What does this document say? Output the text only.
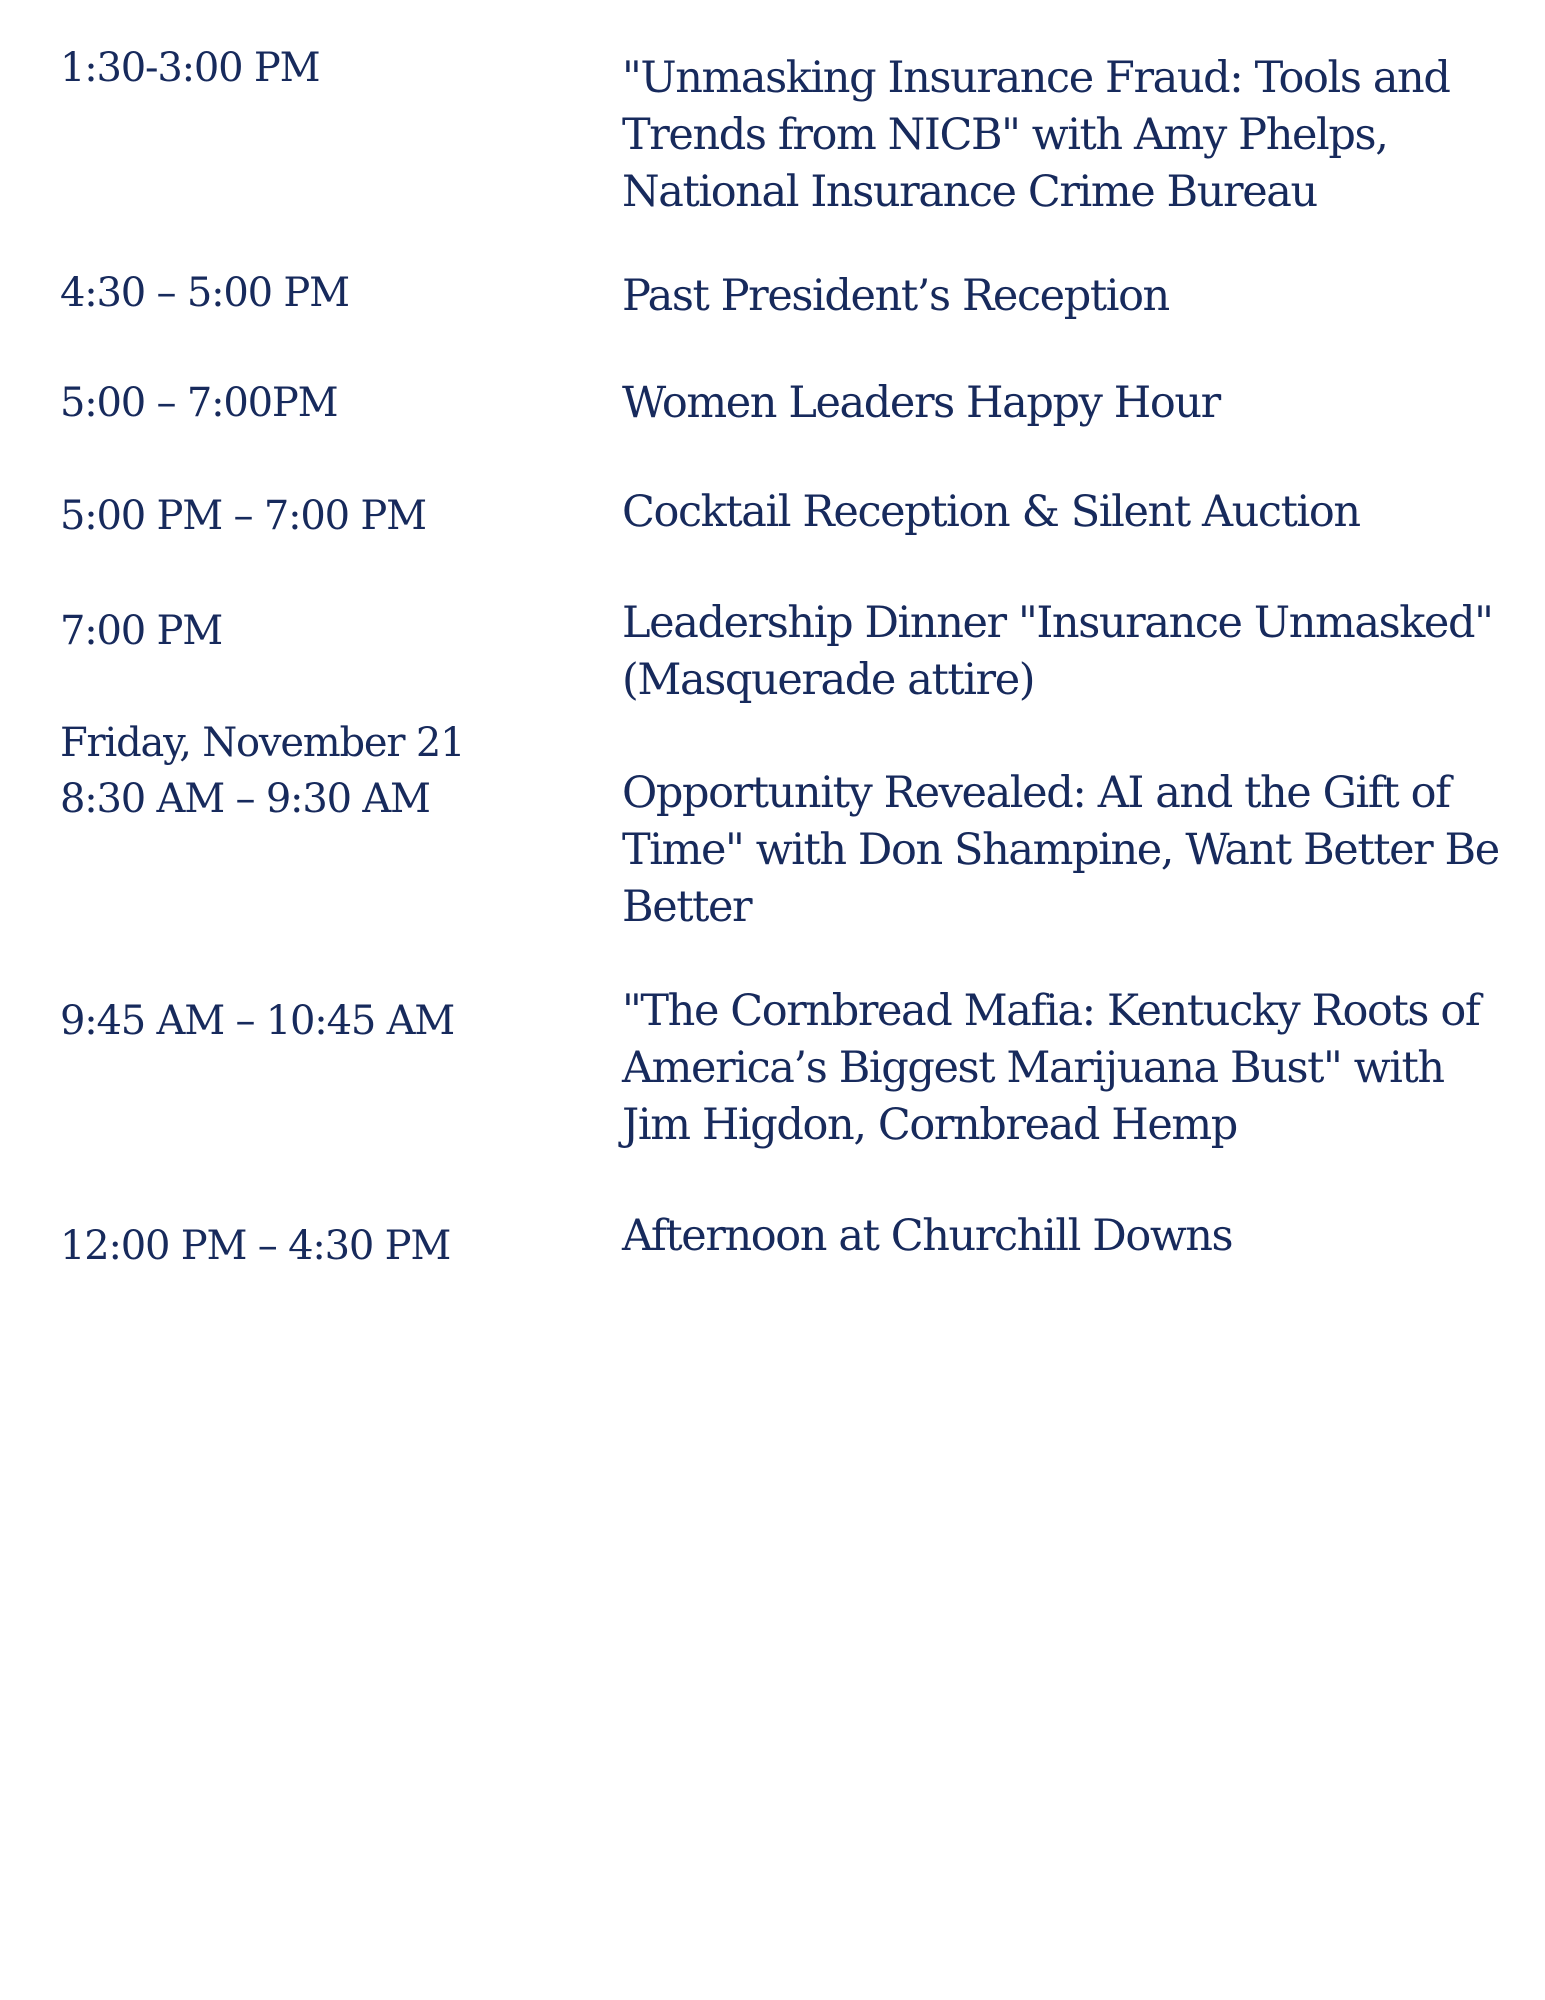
1:30-3:00 PM	"Unmasking Insurance Fraud: Tools and Trends from NICB" with Amy Phelps, National Insurance Crime Bureau
4:30 – 5:00 PM	Past President’s Reception
5:00 – 7:00PM	Women Leaders Happy Hour
5:00 PM – 7:00 PM	Cocktail Reception & Silent Auction
7:00 PM	Leadership Dinner "Insurance Unmasked" (Masquerade attire)
Friday, November 21
8:30 AM – 9:30 AM	Opportunity Revealed: AI and the Gift of Time" with Don Shampine, Want Better Be Better
9:45 AM – 10:45 AM	"The Cornbread Mafia: Kentucky Roots of America’s Biggest Marijuana Bust" with Jim Higdon, Cornbread Hemp
12:00 PM – 4:30 PM	Afternoon at Churchill Downs
